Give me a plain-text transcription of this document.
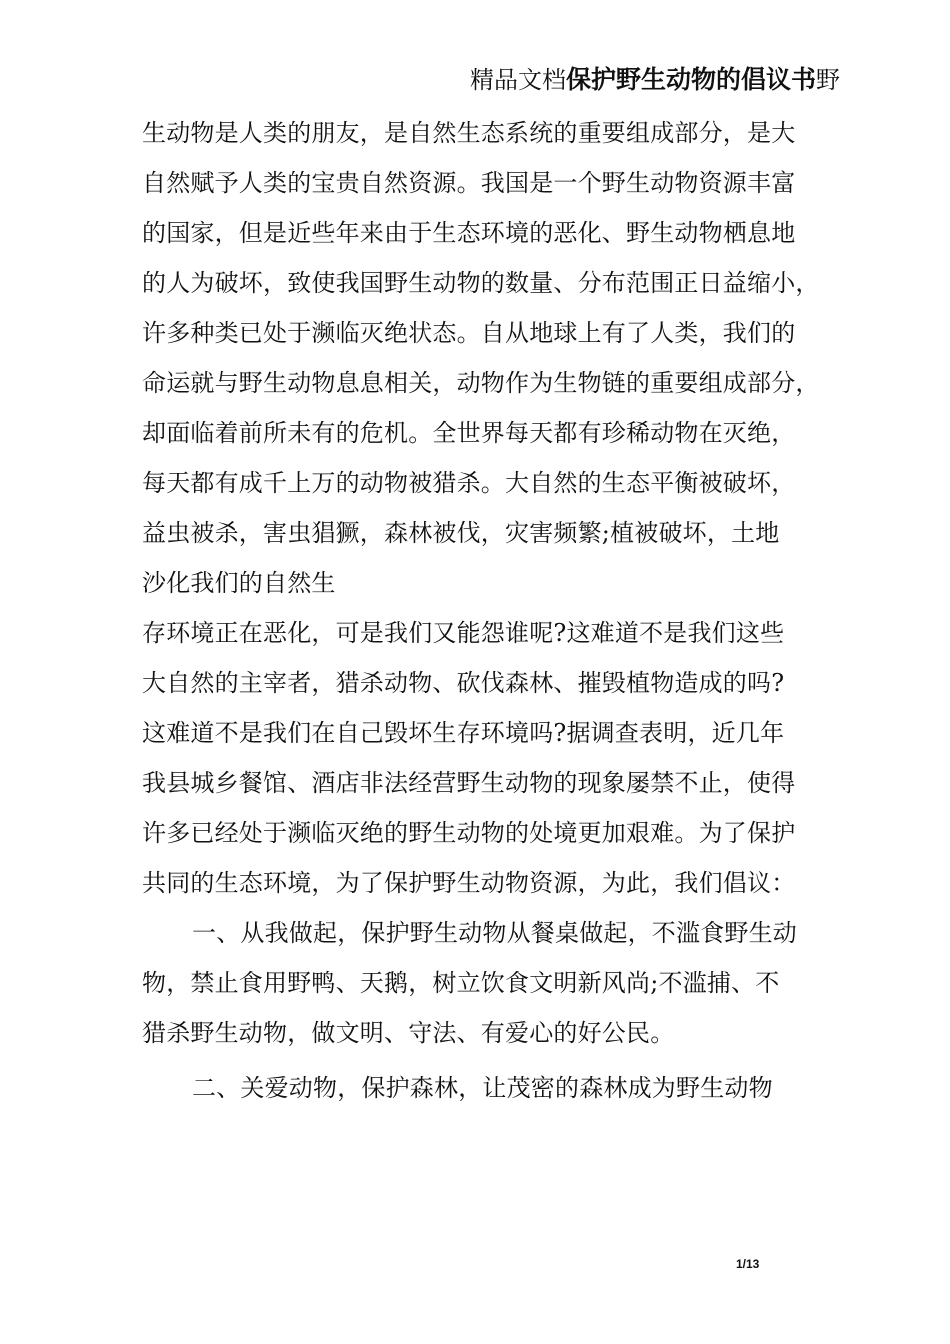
精品文档保护野生动物的倡议书野
生动物是人类的朋友，是自然生态系统的重要组成部分，是大
自然赋予人类的宝贵自然资源。我国是一个野生动物资源丰富
的国家，但是近些年来由于生态环境的恶化、野生动物栖息地
的人为破坏，致使我国野生动物的数量、分布范围正日益缩小，
许多种类已处于濒临灭绝状态。自从地球上有了人类，我们的
命运就与野生动物息息相关，动物作为生物链的重要组成部分，
却面临着前所未有的危机。全世界每天都有珍稀动物在灭绝，
每天都有成千上万的动物被猎杀。大自然的生态平衡被破坏，
益虫被杀，害虫猖獗，森林被伐，灾害频繁;植被破坏，土地
沙化我们的自然生
存环境正在恶化，可是我们又能怨谁呢?这难道不是我们这些
大自然的主宰者，猎杀动物、砍伐森林、摧毁植物造成的吗?
这难道不是我们在自己毁坏生存环境吗?据调查表明，近几年
我县城乡餐馆、酒店非法经营野生动物的现象屡禁不止，使得
许多已经处于濒临灭绝的野生动物的处境更加艰难。为了保护
共同的生态环境，为了保护野生动物资源，为此，我们倡议：
一、从我做起，保护野生动物从餐桌做起，不滥食野生动
物，禁止食用野鸭、天鹅，树立饮食文明新风尚;不滥捕、不
猎杀野生动物，做文明、守法、有爱心的好公民。
二、关爱动物，保护森林，让茂密的森林成为野生动物
1/13
